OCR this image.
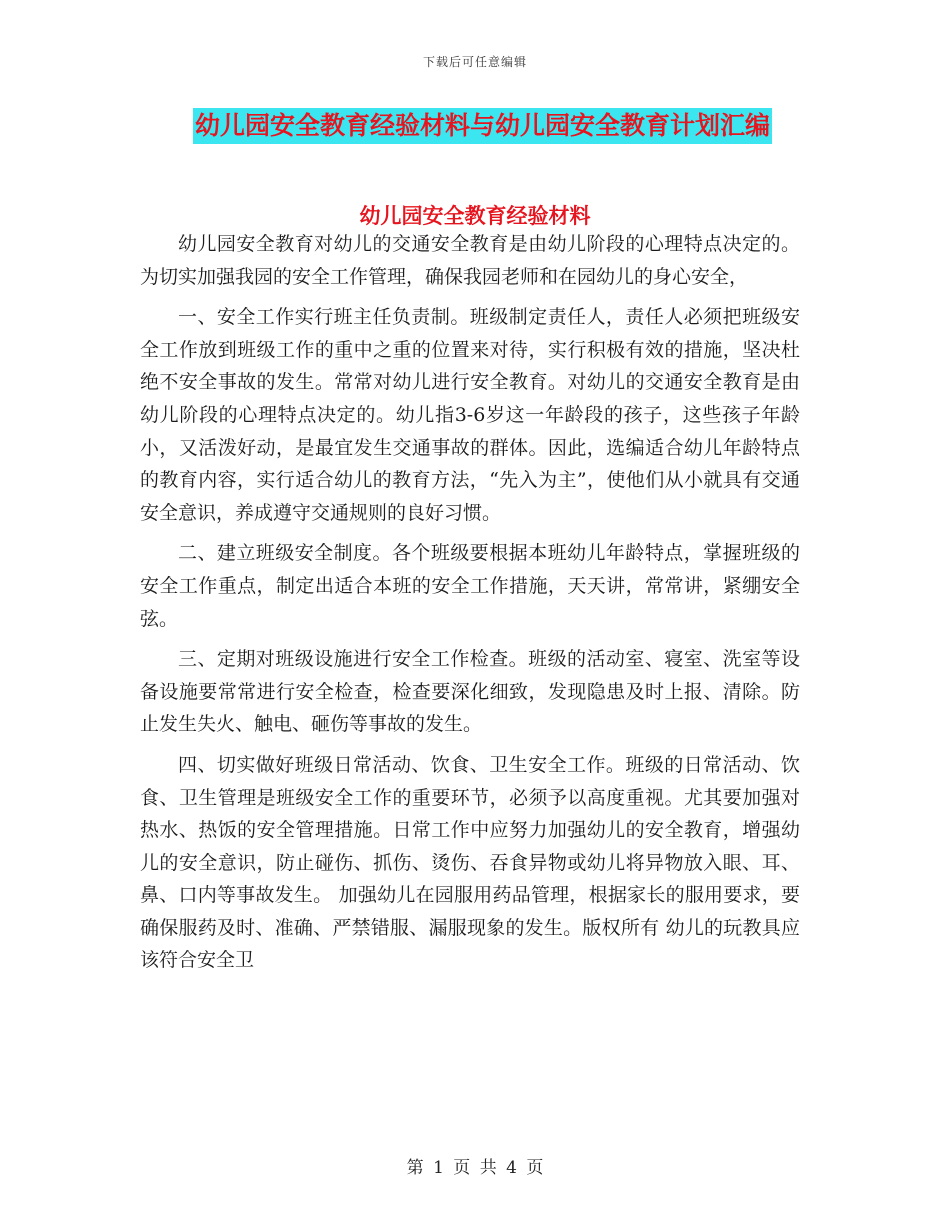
下载后可任意编辑
幼儿园安全教育经验材料与幼儿园安全教育计划汇编
幼儿园安全教育经验材料

幼儿园安全教育对幼儿的交通安全教育是由幼儿阶段的心理特点决定的。为切实加强我园的安全工作管理，确保我园老师和在园幼儿的身心安全，

一、安全工作实行班主任负责制。班级制定责任人，责任人必须把班级安全工作放到班级工作的重中之重的位置来对待，实行积极有效的措施，坚决杜绝不安全事故的发生。常常对幼儿进行安全教育。对幼儿的交通安全教育是由幼儿阶段的心理特点决定的。幼儿指3-6岁这一年龄段的孩子，这些孩子年龄小，又活泼好动，是最宜发生交通事故的群体。因此，选编适合幼儿年龄特点的教育内容，实行适合幼儿的教育方法，“先入为主”，使他们从小就具有交通安全意识，养成遵守交通规则的良好习惯。

二、建立班级安全制度。各个班级要根据本班幼儿年龄特点，掌握班级的安全工作重点，制定出适合本班的安全工作措施，天天讲，常常讲，紧绷安全弦。

三、定期对班级设施进行安全工作检查。班级的活动室、寝室、洗室等设备设施要常常进行安全检查，检查要深化细致，发现隐患及时上报、清除。防止发生失火、触电、砸伤等事故的发生。

四、切实做好班级日常活动、饮食、卫生安全工作。班级的日常活动、饮食、卫生管理是班级安全工作的重要环节，必须予以高度重视。尤其要加强对热水、热饭的安全管理措施。日常工作中应努力加强幼儿的安全教育，增强幼儿的安全意识，防止碰伤、抓伤、烫伤、吞食异物或幼儿将异物放入眼、耳、鼻、口内等事故发生。 加强幼儿在园服用药品管理，根据家长的服用要求，要确保服药及时、准确、严禁错服、漏服现象的发生。版权所有 幼儿的玩教具应该符合安全卫

第 1 页 共 4 页
